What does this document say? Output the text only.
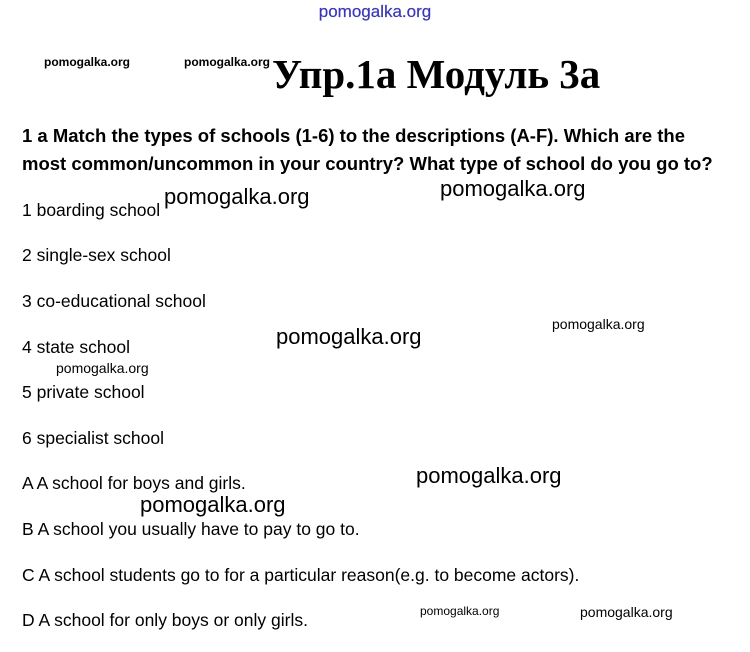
pomogalka.org
pomogalka.org	pomogalka.org Упр.1а Модуль 3а
1 a Match the types of schools (1-6) to the descriptions (A-F). Which are the most common/uncommon in your country? What type of school do you go to?
1 boarding school
2 single-sex school
3 co-educational school
4 state school
5 private school
6 specialist school
A A school for boys and girls.
B A school you usually have to pay to go to.
C A school students go to for a particular reason(e.g. to become actors).
D A school for only boys or only girls.
pomogalka.org	pomogalka.org
pomogalka.org	pomogalka.org
pomogalka.org
pomogalka.org
pomogalka.org
pomogalka.org	pomogalka.org
